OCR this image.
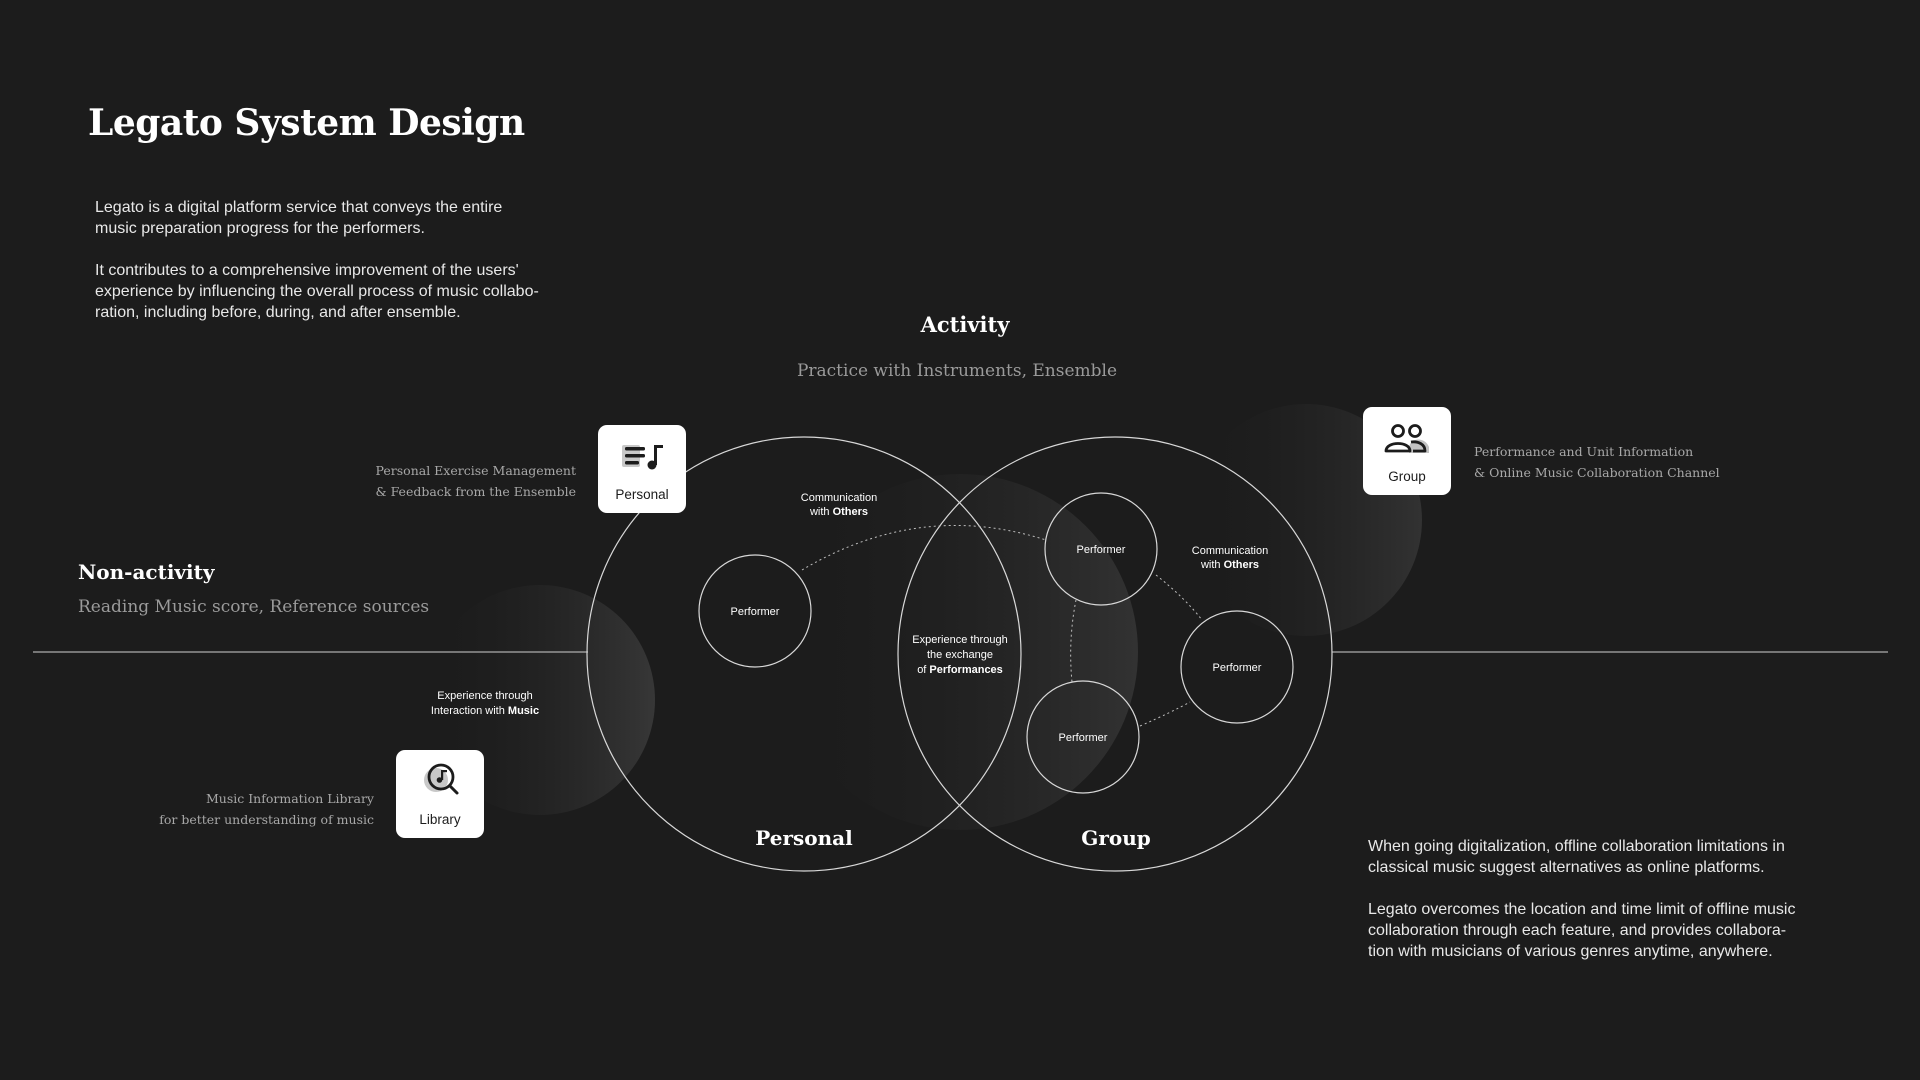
Performer
Performer
Performer
Performer
Communication
with Others
Communication
with Others
Experience through
the exchange
of Performances
Experience through
Interaction with Music
Personal	Group
Legato System Design
Legato is a digital platform service that conveys the entire
music preparation progress for the performers.
It contributes to a comprehensive improvement of the users'
experience by influencing the overall process of music collabo-
ration, including before, during, and after ensemble.	Activity
Practice with Instruments, Ensemble
Non-activity
Reading Music score, Reference sources
Personal
Personal Exercise Management
& Feedback from the Ensemble
Group
Performance and Unit Information
& Online Music Collaboration Channel
Library
Music Information Library
for better understanding of music
When going digitalization, offline collaboration limitations in
classical music suggest alternatives as online platforms.
Legato overcomes the location and time limit of offline music
collaboration through each feature, and provides collabora-
tion with musicians of various genres anytime, anywhere.
